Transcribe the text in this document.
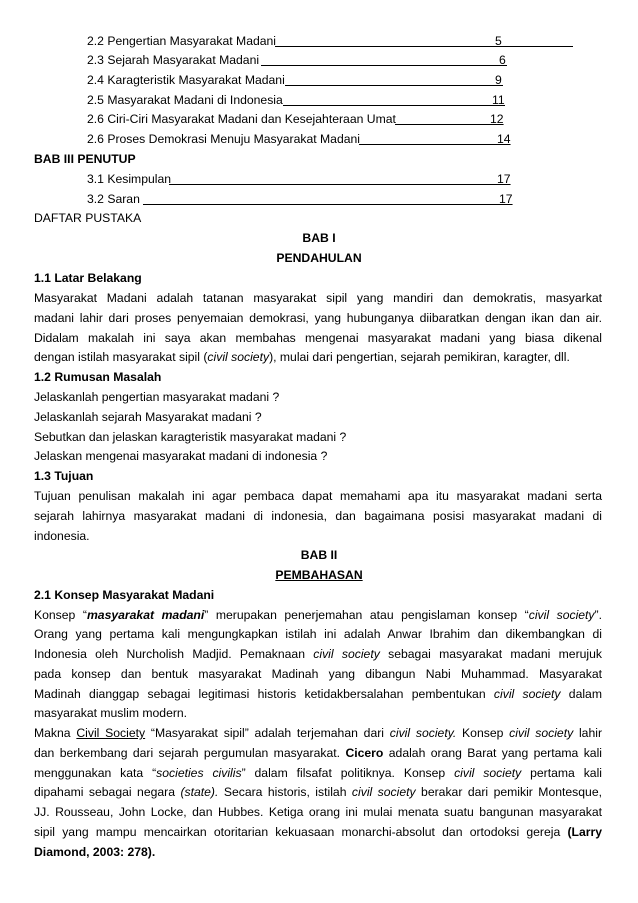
2.2 Pengertian Masyarakat Madani	5
2.3 Sejarah Masyarakat Madani	6
2.4 Karagteristik Masyarakat Madani	9
2.5 Masyarakat Madani di Indonesia	11
2.6 Ciri-Ciri Masyarakat Madani dan Kesejahteraan Umat	12
2.6 Proses Demokrasi Menuju Masyarakat Madani	14
BAB III PENUTUP
3.1 Kesimpulan	17
3.2 Saran	17
DAFTAR PUSTAKA
BAB I
PENDAHULAN
1.1 Latar Belakang
Masyarakat Madani adalah tatanan masyarakat sipil yang mandiri dan demokratis, masyarkat
madani lahir dari proses penyemaian demokrasi, yang hubunganya diibaratkan dengan ikan dan air.
Didalam makalah ini saya akan membahas mengenai masyarakat madani yang biasa dikenal
dengan istilah masyarakat sipil (civil society), mulai dari pengertian, sejarah pemikiran, karagter, dll.
1.2 Rumusan Masalah
Jelaskanlah pengertian masyarakat madani ?
Jelaskanlah sejarah Masyarakat madani ?
Sebutkan dan jelaskan karagteristik masyarakat madani ?
Jelaskan mengenai masyarakat madani di indonesia ?
1.3 Tujuan
Tujuan penulisan makalah ini agar pembaca dapat memahami apa itu masyarakat madani serta
sejarah lahirnya masyarakat madani di indonesia, dan bagaimana posisi masyarakat madani di
indonesia.
BAB II
PEMBAHASAN
2.1 Konsep Masyarakat Madani
Konsep “masyarakat madani” merupakan penerjemahan atau pengislaman konsep “civil society”.
Orang yang pertama kali mengungkapkan istilah ini adalah Anwar Ibrahim dan dikembangkan di
Indonesia oleh Nurcholish Madjid. Pemaknaan civil society sebagai masyarakat madani merujuk
pada konsep dan bentuk masyarakat Madinah yang dibangun Nabi Muhammad. Masyarakat
Madinah dianggap sebagai legitimasi historis ketidakbersalahan pembentukan civil society dalam
masyarakat muslim modern.
Makna Civil Society “Masyarakat sipil” adalah terjemahan dari civil society. Konsep civil society lahir
dan berkembang dari sejarah pergumulan masyarakat. Cicero adalah orang Barat yang pertama kali
menggunakan kata “societies civilis” dalam filsafat politiknya. Konsep civil society pertama kali
dipahami sebagai negara (state). Secara historis, istilah civil society berakar dari pemikir Montesque,
JJ. Rousseau, John Locke, dan Hubbes. Ketiga orang ini mulai menata suatu bangunan masyarakat
sipil yang mampu mencairkan otoritarian kekuasaan monarchi-absolut dan ortodoksi gereja (Larry
Diamond, 2003: 278).
